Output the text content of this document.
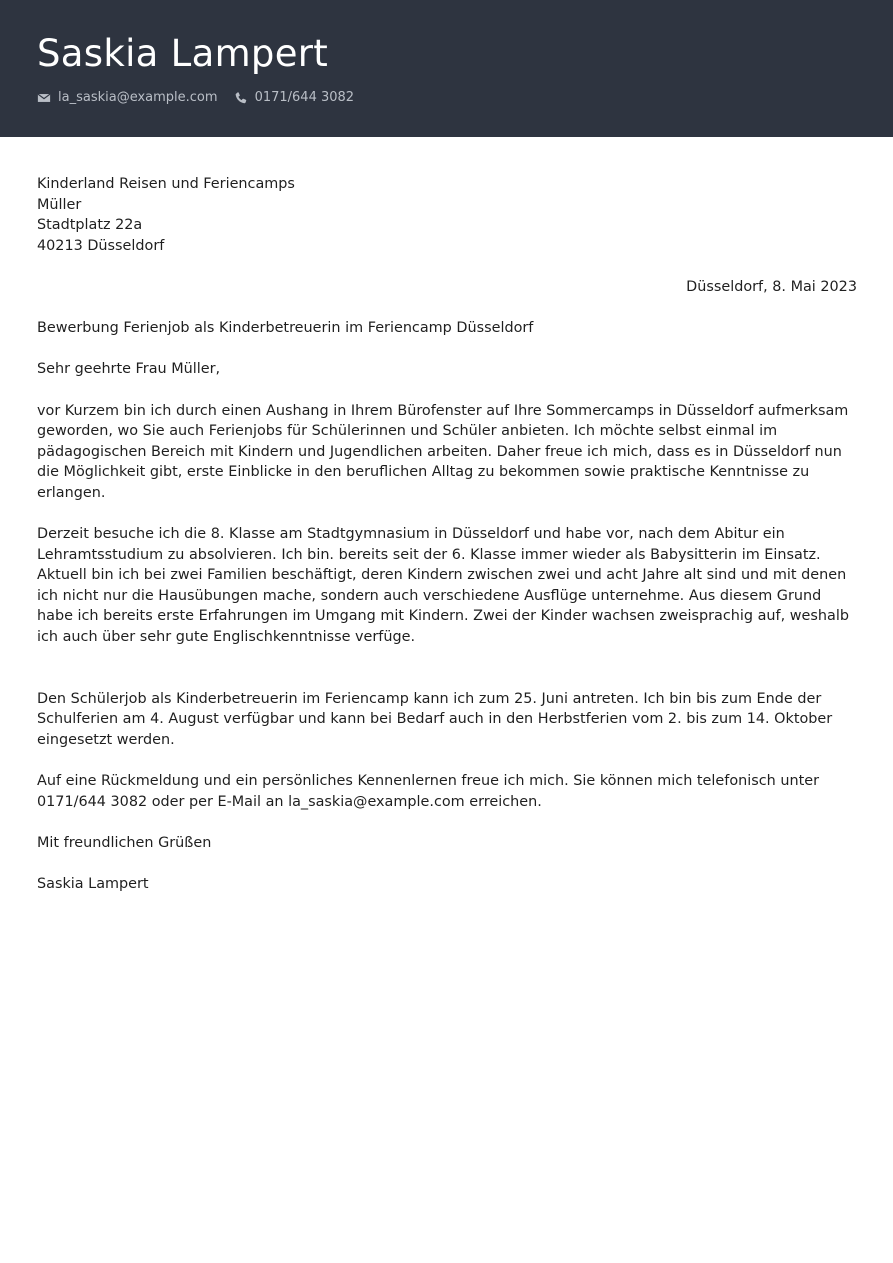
Saskia Lampert
la_saskia@example.com	0171/644 3082
Kinderland Reisen und Feriencamps
Müller
Stadtplatz 22a
40213 Düsseldorf
Düsseldorf, 8. Mai 2023
Bewerbung Ferienjob als Kinderbetreuerin im Feriencamp Düsseldorf
Sehr geehrte Frau Müller,

vor Kurzem bin ich durch einen Aushang in Ihrem Bürofenster auf Ihre Sommercamps in Düsseldorf aufmerksam geworden, wo Sie auch Ferienjobs für Schülerinnen und Schüler anbieten. Ich möchte selbst einmal im pädagogischen Bereich mit Kindern und Jugendlichen arbeiten. Daher freue ich mich, dass es in Düsseldorf nun die Möglichkeit gibt, erste Einblicke in den beruflichen Alltag zu bekommen sowie praktische Kenntnisse zu erlangen.

Derzeit besuche ich die 8. Klasse am Stadtgymnasium in Düsseldorf und habe vor, nach dem Abitur ein Lehramtsstudium zu absolvieren. Ich bin. bereits seit der 6. Klasse immer wieder als Babysitterin im Einsatz. Aktuell bin ich bei zwei Familien beschäftigt, deren Kindern zwischen zwei und acht Jahre alt sind und mit denen ich nicht nur die Hausübungen mache, sondern auch verschiedene Ausflüge unternehme. Aus diesem Grund habe ich bereits erste Erfahrungen im Umgang mit Kindern. Zwei der Kinder wachsen zweisprachig auf, weshalb ich auch über sehr gute Englischkenntnisse verfüge.

Den Schülerjob als Kinderbetreuerin im Feriencamp kann ich zum 25. Juni antreten. Ich bin bis zum Ende der Schulferien am 4. August verfügbar und kann bei Bedarf auch in den Herbstferien vom 2. bis zum 14. Oktober eingesetzt werden.

Auf eine Rückmeldung und ein persönliches Kennenlernen freue ich mich. Sie können mich telefonisch unter 0171/644 3082 oder per E-Mail an la_saskia@example.com erreichen.

Mit freundlichen Grüßen
Saskia Lampert
